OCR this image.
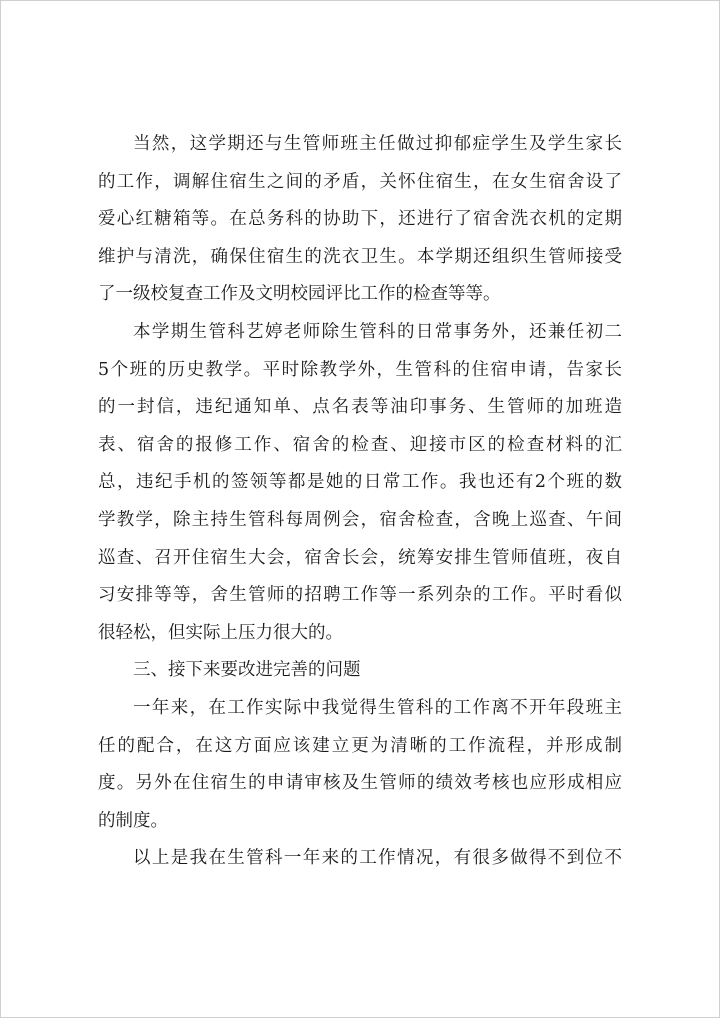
当然，这学期还与生管师班主任做过抑郁症学生及学生家长
的工作，调解住宿生之间的矛盾，关怀住宿生，在女生宿舍设了
爱心红糖箱等。在总务科的协助下，还进行了宿舍洗衣机的定期
维护与清洗，确保住宿生的洗衣卫生。本学期还组织生管师接受
了一级校复查工作及文明校园评比工作的检查等等。
本学期生管科艺婷老师除生管科的日常事务外，还兼任初二
5个班的历史教学。平时除教学外，生管科的住宿申请，告家长
的一封信，违纪通知单、点名表等油印事务、生管师的加班造
表、宿舍的报修工作、宿舍的检查、迎接市区的检查材料的汇
总，违纪手机的签领等都是她的日常工作。我也还有2个班的数
学教学，除主持生管科每周例会，宿舍检查，含晚上巡查、午间
巡查、召开住宿生大会，宿舍长会，统筹安排生管师值班，夜自
习安排等等，舍生管师的招聘工作等一系列杂的工作。平时看似
很轻松，但实际上压力很大的。
三、接下来要改进完善的问题
一年来，在工作实际中我觉得生管科的工作离不开年段班主
任的配合，在这方面应该建立更为清晰的工作流程，并形成制
度。另外在住宿生的申请审核及生管师的绩效考核也应形成相应
的制度。
以上是我在生管科一年来的工作情况，有很多做得不到位不
